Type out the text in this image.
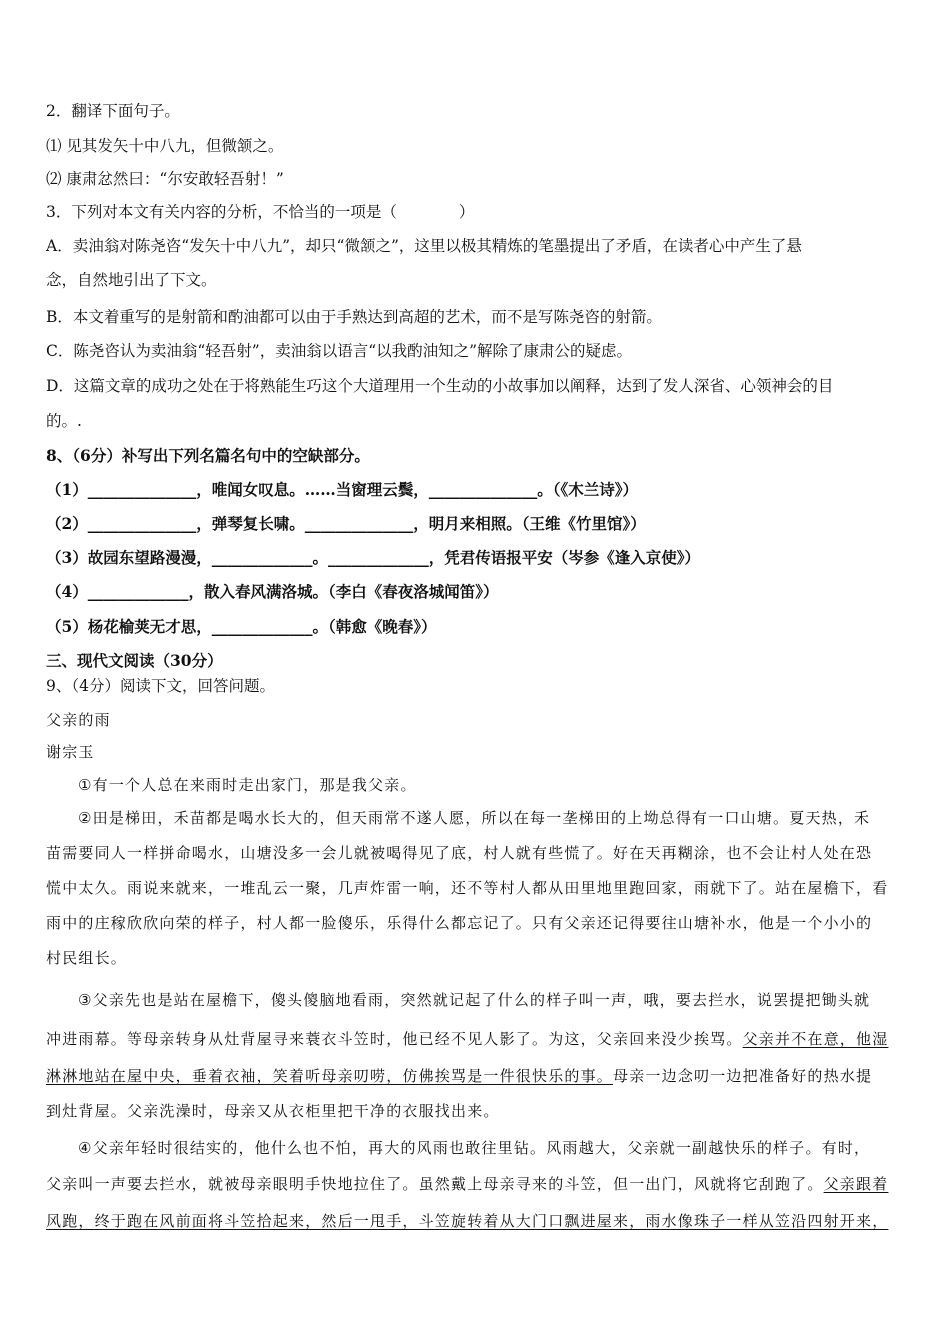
2．翻译下面句子。
⑴ 见其发矢十中八九，但微颔之。
⑵ 康肃忿然曰：“尔安敢轻吾射！”
3．下列对本文有关内容的分析，不恰当的一项是（　　　　）
A．卖油翁对陈尧咨“发矢十中八九”，却只“微颔之”，这里以极其精炼的笔墨提出了矛盾，在读者心中产生了悬
念，自然地引出了下文。
B．本文着重写的是射箭和酌油都可以由于手熟达到高超的艺术，而不是写陈尧咨的射箭。
C．陈尧咨认为卖油翁“轻吾射”，卖油翁以语言“以我酌油知之”解除了康肃公的疑虑。
D．这篇文章的成功之处在于将熟能生巧这个大道理用一个生动的小故事加以阐释，达到了发人深省、心领神会的目
的。.
8、（6分）补写出下列名篇名句中的空缺部分。
（1）______________，唯闻女叹息。……当窗理云鬓，______________。（《木兰诗》）
（2）______________，弹琴复长啸。______________，明月来相照。（王维《竹里馆》）
（3）故园东望路漫漫，_____________。_____________，凭君传语报平安（岑参《逢入京使》）
（4）_____________，散入春风满洛城。（李白《春夜洛城闻笛》）
（5）杨花榆荚无才思，_____________。（韩愈《晚春》）
三、现代文阅读（30分）
9、（4分）阅读下文，回答问题。
父亲的雨
谢宗玉
①有一个人总在来雨时走出家门，那是我父亲。
②田是梯田，禾苗都是喝水长大的，但天雨常不遂人愿，所以在每一垄梯田的上坳总得有一口山塘。夏天热，禾
苗需要同人一样拼命喝水，山塘没多一会儿就被喝得见了底，村人就有些慌了。好在天再糊涂，也不会让村人处在恐
慌中太久。雨说来就来，一堆乱云一聚，几声炸雷一响，还不等村人都从田里地里跑回家，雨就下了。站在屋檐下，看
雨中的庄稼欣欣向荣的样子，村人都一脸傻乐，乐得什么都忘记了。只有父亲还记得要往山塘补水，他是一个小小的
村民组长。
③父亲先也是站在屋檐下，傻头傻脑地看雨，突然就记起了什么的样子叫一声，哦，要去拦水，说罢提把锄头就
冲进雨幕。等母亲转身从灶背屋寻来蓑衣斗笠时，他已经不见人影了。为这，父亲回来没少挨骂。父亲并不在意，他湿
淋淋地站在屋中央，垂着衣袖，笑着听母亲叨唠，仿佛挨骂是一件很快乐的事。母亲一边念叨一边把准备好的热水提
到灶背屋。父亲洗澡时，母亲又从衣柜里把干净的衣服找出来。
④父亲年轻时很结实的，他什么也不怕，再大的风雨也敢往里钻。风雨越大，父亲就一副越快乐的样子。有时，
父亲叫一声要去拦水，就被母亲眼明手快地拉住了。虽然戴上母亲寻来的斗笠，但一出门，风就将它刮跑了。父亲跟着
风跑，终于跑在风前面将斗笠拾起来，然后一甩手，斗笠旋转着从大门口飘进屋来，雨水像珠子一样从笠沿四射开来，
